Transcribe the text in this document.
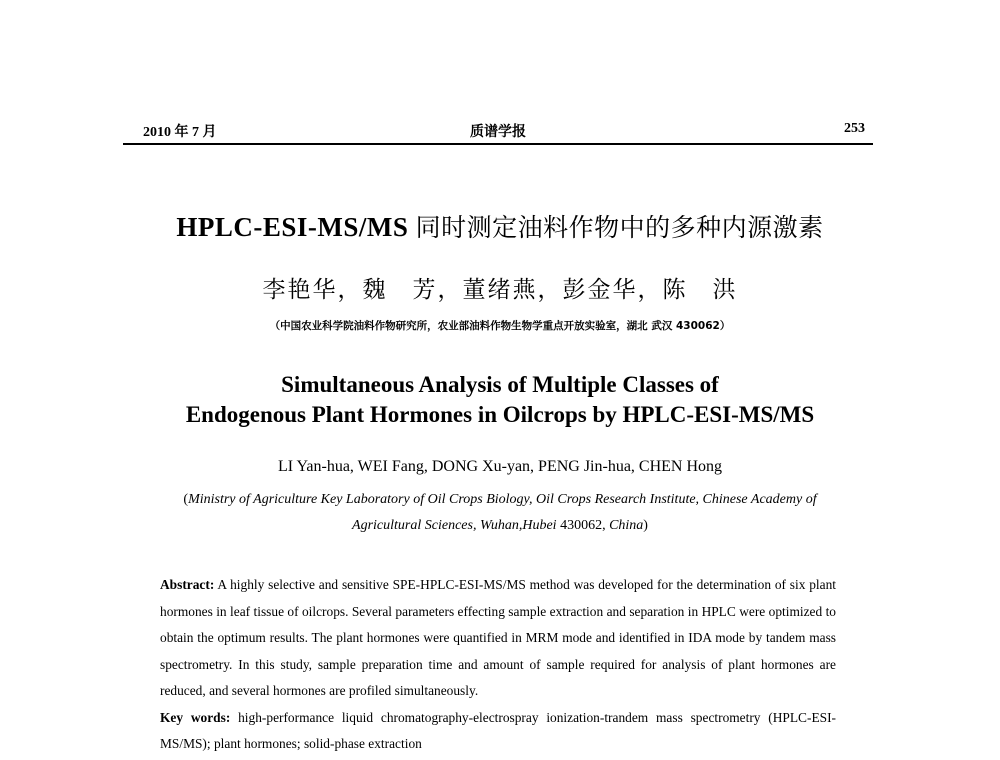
2010 年 7 月	质谱学报	253
HPLC-ESI-MS/MS 同时测定油料作物中的多种内源激素
李艳华，魏　芳，董绪燕，彭金华，陈　洪
（中国农业科学院油料作物研究所，农业部油料作物生物学重点开放实验室，湖北 武汉 430062）
Simultaneous Analysis of Multiple Classes of
Endogenous Plant Hormones in Oilcrops by HPLC-ESI-MS/MS
LI Yan-hua, WEI Fang, DONG Xu-yan, PENG Jin-hua, CHEN Hong
(Ministry of Agriculture Key Laboratory of Oil Crops Biology, Oil Crops Research Institute, Chinese Academy of
Agricultural Sciences, Wuhan,Hubei 430062, China)

Abstract: A highly selective and sensitive SPE-HPLC-ESI-MS/MS method was developed for the determination of six plant hormones in leaf tissue of oilcrops. Several parameters effecting sample extraction and separation in HPLC were optimized to obtain the optimum results. The plant hormones were quantified in MRM mode and identified in IDA mode by tandem mass spectrometry. In this study, sample preparation time and amount of sample required for analysis of plant hormones are reduced, and several hormones are profiled simultaneously.

Key words: high-performance liquid chromatography-electrospray ionization-trandem mass spectrometry (HPLC-ESI-MS/MS); plant hormones; solid-phase extraction
